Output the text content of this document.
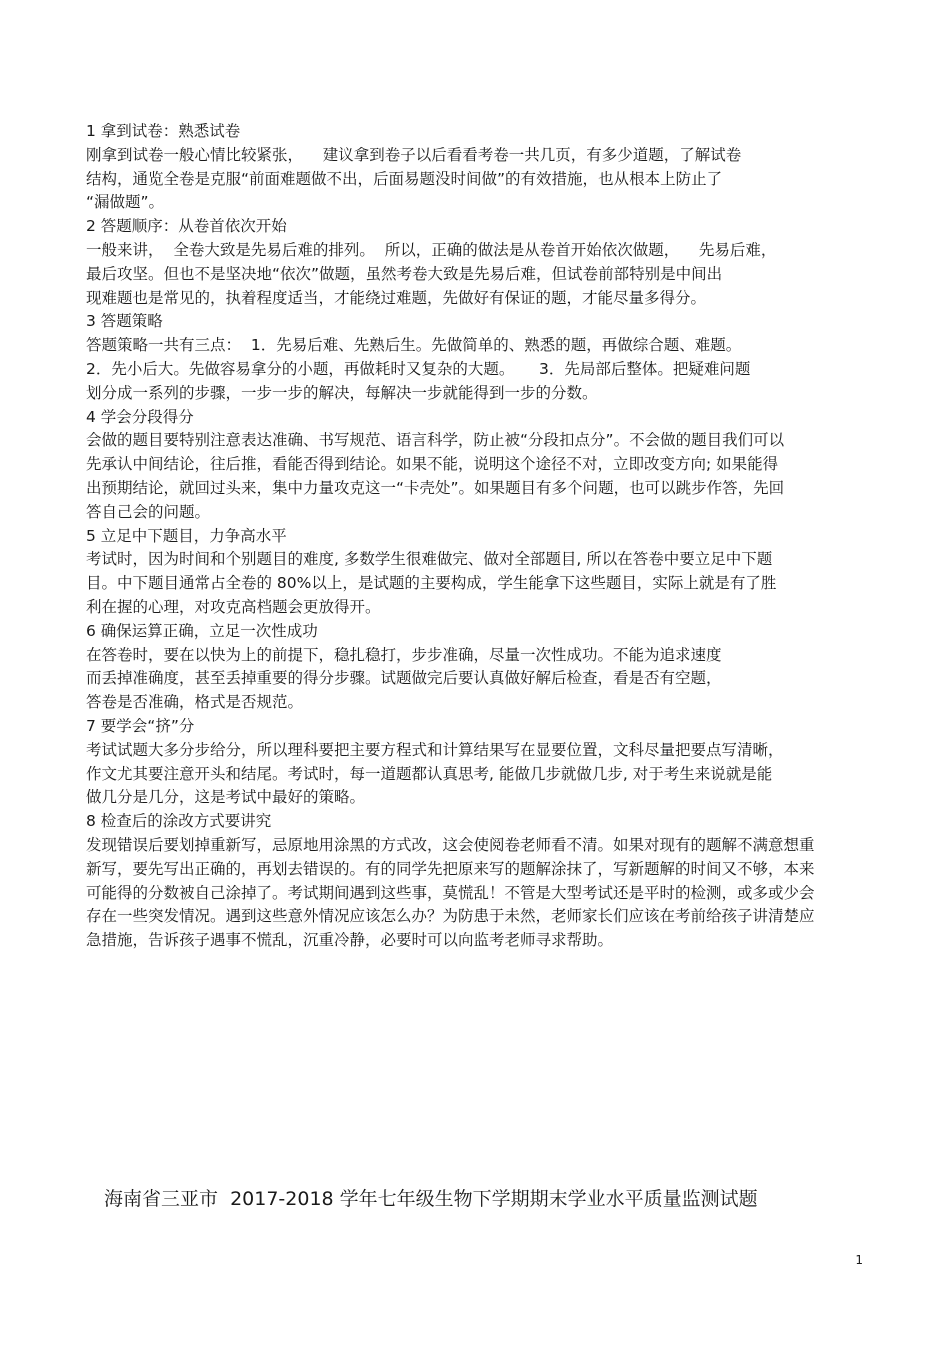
1 拿到试卷：熟悉试卷
刚拿到试卷一般心情比较紧张，    建议拿到卷子以后看看考卷一共几页，有多少道题，了解试卷
结构，通览全卷是克服“前面难题做不出，后面易题没时间做”的有效措施，也从根本上防止了
“漏做题”。
2 答题顺序：从卷首依次开始
一般来讲，  全卷大致是先易后难的排列。  所以，正确的做法是从卷首开始依次做题，    先易后难，
最后攻坚。但也不是坚决地“依次”做题，虽然考卷大致是先易后难，但试卷前部特别是中间出
现难题也是常见的，执着程度适当，才能绕过难题，先做好有保证的题，才能尽量多得分。
3 答题策略
答题策略一共有三点：  1．先易后难、先熟后生。先做简单的、熟悉的题，再做综合题、难题。
2．先小后大。先做容易拿分的小题，再做耗时又复杂的大题。     3．先局部后整体。把疑难问题
划分成一系列的步骤，一步一步的解决，每解决一步就能得到一步的分数。
4 学会分段得分
会做的题目要特别注意表达准确、书写规范、语言科学，防止被“分段扣点分”。不会做的题目我们可以
先承认中间结论，往后推，看能否得到结论。如果不能，说明这个途径不对，立即改变方向; 如果能得
出预期结论，就回过头来，集中力量攻克这一“卡壳处”。如果题目有多个问题，也可以跳步作答，先回
答自己会的问题。
5 立足中下题目，力争高水平
考试时，因为时间和个别题目的难度, 多数学生很难做完、做对全部题目, 所以在答卷中要立足中下题
目。中下题目通常占全卷的 80%以上，是试题的主要构成，学生能拿下这些题目，实际上就是有了胜
利在握的心理，对攻克高档题会更放得开。
6 确保运算正确，立足一次性成功
在答卷时，要在以快为上的前提下，稳扎稳打，步步准确，尽量一次性成功。不能为追求速度
而丢掉准确度，甚至丢掉重要的得分步骤。试题做完后要认真做好解后检查，看是否有空题，
答卷是否准确，格式是否规范。
7 要学会“挤”分
考试试题大多分步给分，所以理科要把主要方程式和计算结果写在显要位置，文科尽量把要点写清晰，
作文尤其要注意开头和结尾。考试时，每一道题都认真思考, 能做几步就做几步, 对于考生来说就是能
做几分是几分，这是考试中最好的策略。
8 检查后的涂改方式要讲究
发现错误后要划掉重新写，忌原地用涂黑的方式改，这会使阅卷老师看不清。如果对现有的题解不满意想重
新写，要先写出正确的，再划去错误的。有的同学先把原来写的题解涂抹了，写新题解的时间又不够，本来
可能得的分数被自己涂掉了。考试期间遇到这些事，莫慌乱！不管是大型考试还是平时的检测，或多或少会
存在一些突发情况。遇到这些意外情况应该怎么办？为防患于未然，老师家长们应该在考前给孩子讲清楚应
急措施，告诉孩子遇事不慌乱，沉重冷静，必要时可以向监考老师寻求帮助。
海南省三亚市  2017-2018 学年七年级生物下学期期末学业水平质量监测试题
1
